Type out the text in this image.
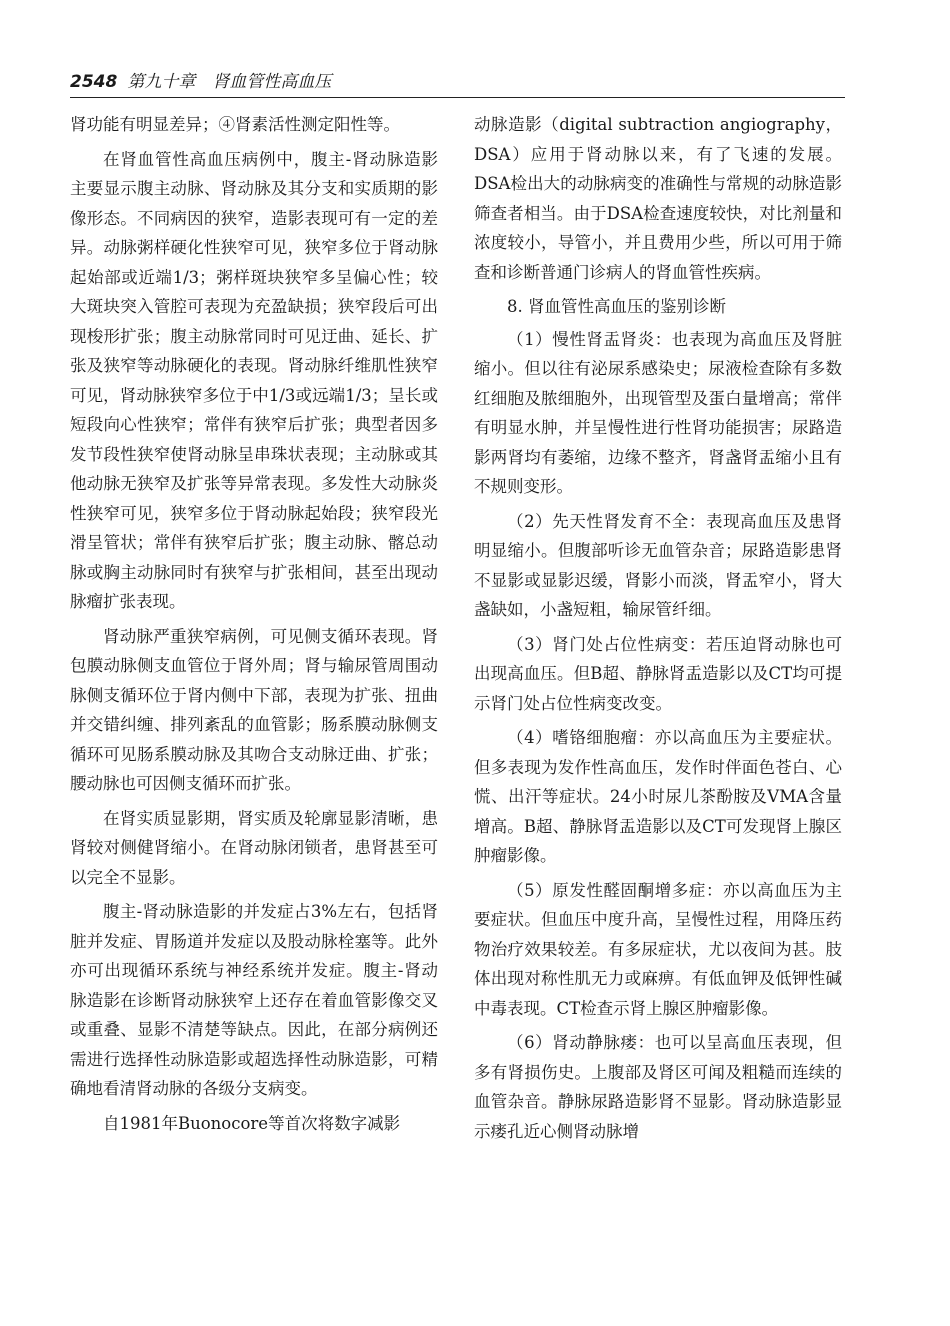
2548 第九十章　肾血管性高血压

肾功能有明显差异；④肾素活性测定阳性等。

在肾血管性高血压病例中，腹主-肾动脉造影主要显示腹主动脉、肾动脉及其分支和实质期的影像形态。不同病因的狭窄，造影表现可有一定的差异。动脉粥样硬化性狭窄可见，狭窄多位于肾动脉起始部或近端1/3；粥样斑块狭窄多呈偏心性；较大斑块突入管腔可表现为充盈缺损；狭窄段后可出现梭形扩张；腹主动脉常同时可见迂曲、延长、扩张及狭窄等动脉硬化的表现。肾动脉纤维肌性狭窄可见，肾动脉狭窄多位于中1/3或远端1/3；呈长或短段向心性狭窄；常伴有狭窄后扩张；典型者因多发节段性狭窄使肾动脉呈串珠状表现；主动脉或其他动脉无狭窄及扩张等异常表现。多发性大动脉炎性狭窄可见，狭窄多位于肾动脉起始段；狭窄段光滑呈管状；常伴有狭窄后扩张；腹主动脉、髂总动脉或胸主动脉同时有狭窄与扩张相间，甚至出现动脉瘤扩张表现。

肾动脉严重狭窄病例，可见侧支循环表现。肾包膜动脉侧支血管位于肾外周；肾与输尿管周围动脉侧支循环位于肾内侧中下部，表现为扩张、扭曲并交错纠缠、排列紊乱的血管影；肠系膜动脉侧支循环可见肠系膜动脉及其吻合支动脉迂曲、扩张；腰动脉也可因侧支循环而扩张。

在肾实质显影期，肾实质及轮廓显影清晰，患肾较对侧健肾缩小。在肾动脉闭锁者，患肾甚至可以完全不显影。

腹主-肾动脉造影的并发症占3%左右，包括肾脏并发症、胃肠道并发症以及股动脉栓塞等。此外亦可出现循环系统与神经系统并发症。腹主-肾动脉造影在诊断肾动脉狭窄上还存在着血管影像交叉或重叠、显影不清楚等缺点。因此，在部分病例还需进行选择性动脉造影或超选择性动脉造影，可精确地看清肾动脉的各级分支病变。

自1981年Buonocore等首次将数字减影

动脉造影（digital subtraction angiography，DSA）应用于肾动脉以来，有了飞速的发展。DSA检出大的动脉病变的准确性与常规的动脉造影筛查者相当。由于DSA检查速度较快，对比剂量和浓度较小，导管小，并且费用少些，所以可用于筛查和诊断普通门诊病人的肾血管性疾病。

8. 肾血管性高血压的鉴别诊断

（1）慢性肾盂肾炎：也表现为高血压及肾脏缩小。但以往有泌尿系感染史；尿液检查除有多数红细胞及脓细胞外，出现管型及蛋白量增高；常伴有明显水肿，并呈慢性进行性肾功能损害；尿路造影两肾均有萎缩，边缘不整齐，肾盏肾盂缩小且有不规则变形。

（2）先天性肾发育不全：表现高血压及患肾明显缩小。但腹部听诊无血管杂音；尿路造影患肾不显影或显影迟缓，肾影小而淡，肾盂窄小，肾大盏缺如，小盏短粗，输尿管纤细。

（3）肾门处占位性病变：若压迫肾动脉也可出现高血压。但B超、静脉肾盂造影以及CT均可提示肾门处占位性病变改变。

（4）嗜铬细胞瘤：亦以高血压为主要症状。但多表现为发作性高血压，发作时伴面色苍白、心慌、出汗等症状。24小时尿儿茶酚胺及VMA含量增高。B超、静脉肾盂造影以及CT可发现肾上腺区肿瘤影像。

（5）原发性醛固酮增多症：亦以高血压为主要症状。但血压中度升高，呈慢性过程，用降压药物治疗效果较差。有多尿症状，尤以夜间为甚。肢体出现对称性肌无力或麻痹。有低血钾及低钾性碱中毒表现。CT检查示肾上腺区肿瘤影像。

（6）肾动静脉瘘：也可以呈高血压表现，但多有肾损伤史。上腹部及肾区可闻及粗糙而连续的血管杂音。静脉尿路造影肾不显影。肾动脉造影显示瘘孔近心侧肾动脉增
